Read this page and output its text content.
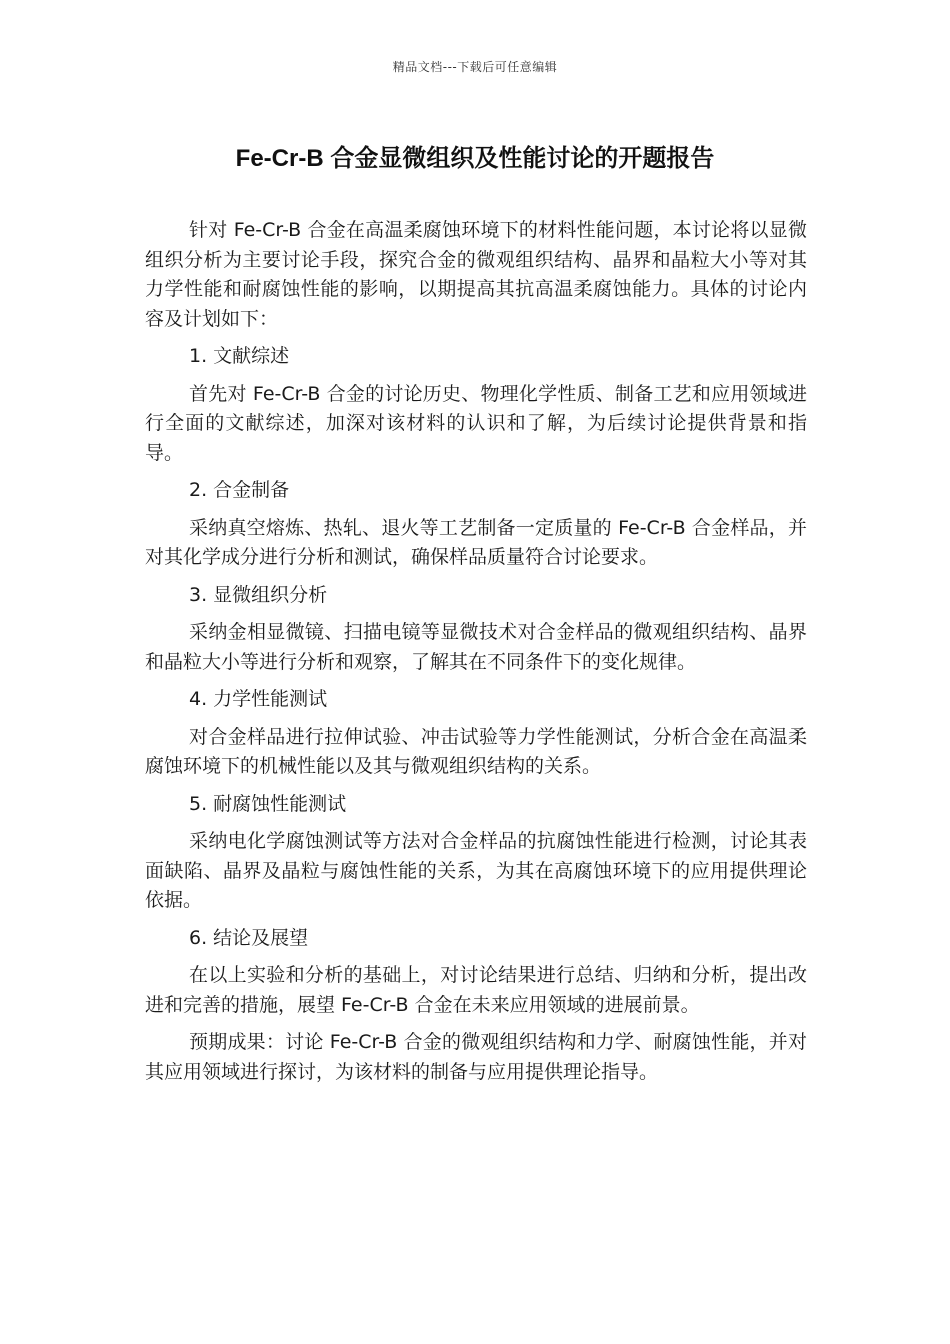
精品文档---下载后可任意编辑
Fe-Cr-B 合金显微组织及性能讨论的开题报告

针对 Fe-Cr-B 合金在高温柔腐蚀环境下的材料性能问题，本讨论将以显微组织分析为主要讨论手段，探究合金的微观组织结构、晶界和晶粒大小等对其力学性能和耐腐蚀性能的影响，以期提高其抗高温柔腐蚀能力。具体的讨论内容及计划如下：

1. 文献综述

首先对 Fe-Cr-B 合金的讨论历史、物理化学性质、制备工艺和应用领域进行全面的文献综述，加深对该材料的认识和了解，为后续讨论提供背景和指导。

2. 合金制备

采纳真空熔炼、热轧、退火等工艺制备一定质量的 Fe-Cr-B 合金样品，并对其化学成分进行分析和测试，确保样品质量符合讨论要求。

3. 显微组织分析

采纳金相显微镜、扫描电镜等显微技术对合金样品的微观组织结构、晶界和晶粒大小等进行分析和观察，了解其在不同条件下的变化规律。

4. 力学性能测试

对合金样品进行拉伸试验、冲击试验等力学性能测试，分析合金在高温柔腐蚀环境下的机械性能以及其与微观组织结构的关系。

5. 耐腐蚀性能测试

采纳电化学腐蚀测试等方法对合金样品的抗腐蚀性能进行检测，讨论其表面缺陷、晶界及晶粒与腐蚀性能的关系，为其在高腐蚀环境下的应用提供理论依据。

6. 结论及展望

在以上实验和分析的基础上，对讨论结果进行总结、归纳和分析，提出改进和完善的措施，展望 Fe-Cr-B 合金在未来应用领域的进展前景。

预期成果：讨论 Fe-Cr-B 合金的微观组织结构和力学、耐腐蚀性能，并对其应用领域进行探讨，为该材料的制备与应用提供理论指导。
